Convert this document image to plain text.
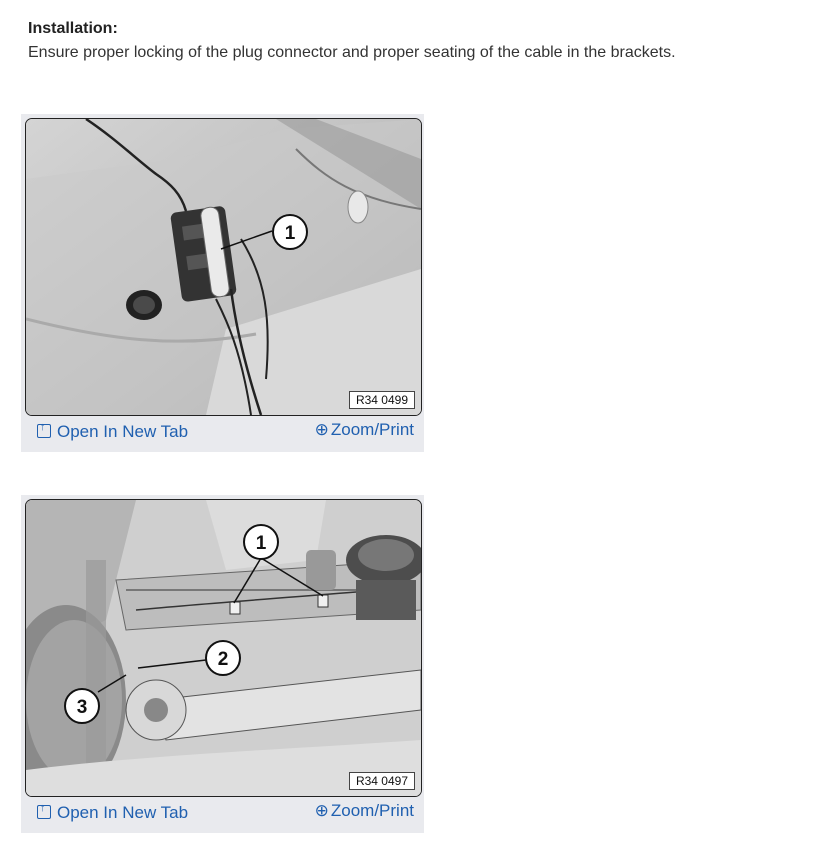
Installation:
Ensure proper locking of the plug connector and proper seating of the cable in the brackets.
1
R34 0499
↑Open In New Tab	⊕ Zoom/Print
1
2
3
R34 0497
↑Open In New Tab	⊕ Zoom/Print
